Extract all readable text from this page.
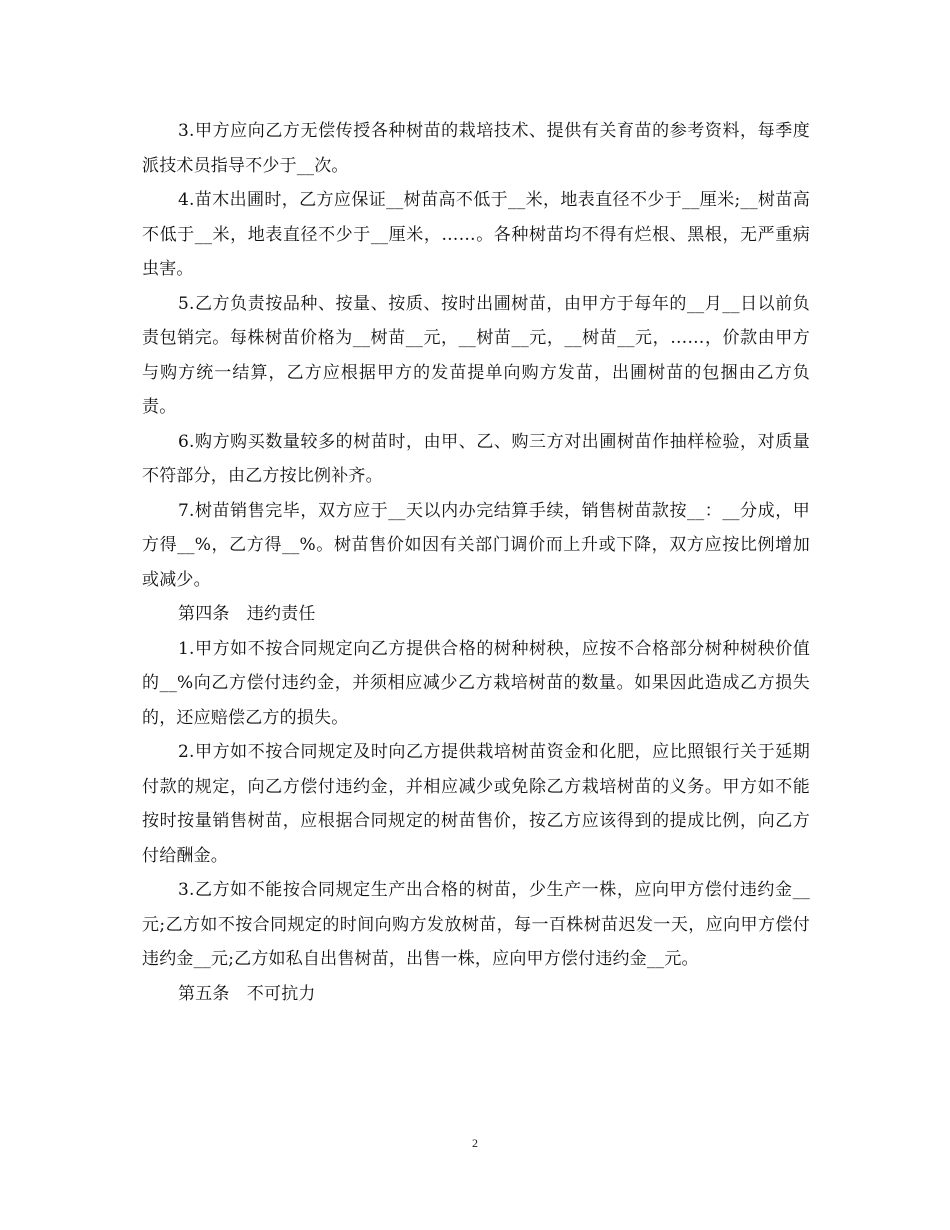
3.甲方应向乙方无偿传授各种树苗的栽培技术、提供有关育苗的参考资料，每季度派技术员指导不少于__次。

4.苗木出圃时，乙方应保证__树苗高不低于__米，地表直径不少于__厘米;__树苗高不低于__米，地表直径不少于__厘米，……。各种树苗均不得有烂根、黑根，无严重病虫害。

5.乙方负责按品种、按量、按质、按时出圃树苗，由甲方于每年的__月__日以前负责包销完。每株树苗价格为__树苗__元，__树苗__元，__树苗__元，……，价款由甲方与购方统一结算，乙方应根据甲方的发苗提单向购方发苗，出圃树苗的包捆由乙方负责。

6.购方购买数量较多的树苗时，由甲、乙、购三方对出圃树苗作抽样检验，对质量不符部分，由乙方按比例补齐。

7.树苗销售完毕，双方应于__天以内办完结算手续，销售树苗款按__：__分成，甲方得__%，乙方得__%。树苗售价如因有关部门调价而上升或下降，双方应按比例增加或减少。

第四条　违约责任

1.甲方如不按合同规定向乙方提供合格的树种树秧，应按不合格部分树种树秧价值的__%向乙方偿付违约金，并须相应减少乙方栽培树苗的数量。如果因此造成乙方损失的，还应赔偿乙方的损失。

2.甲方如不按合同规定及时向乙方提供栽培树苗资金和化肥，应比照银行关于延期付款的规定，向乙方偿付违约金，并相应减少或免除乙方栽培树苗的义务。甲方如不能按时按量销售树苗，应根据合同规定的树苗售价，按乙方应该得到的提成比例，向乙方付给酬金。

3.乙方如不能按合同规定生产出合格的树苗，少生产一株，应向甲方偿付违约金__元;乙方如不按合同规定的时间向购方发放树苗，每一百株树苗迟发一天，应向甲方偿付违约金__元;乙方如私自出售树苗，出售一株，应向甲方偿付违约金__元。

第五条　不可抗力

2
